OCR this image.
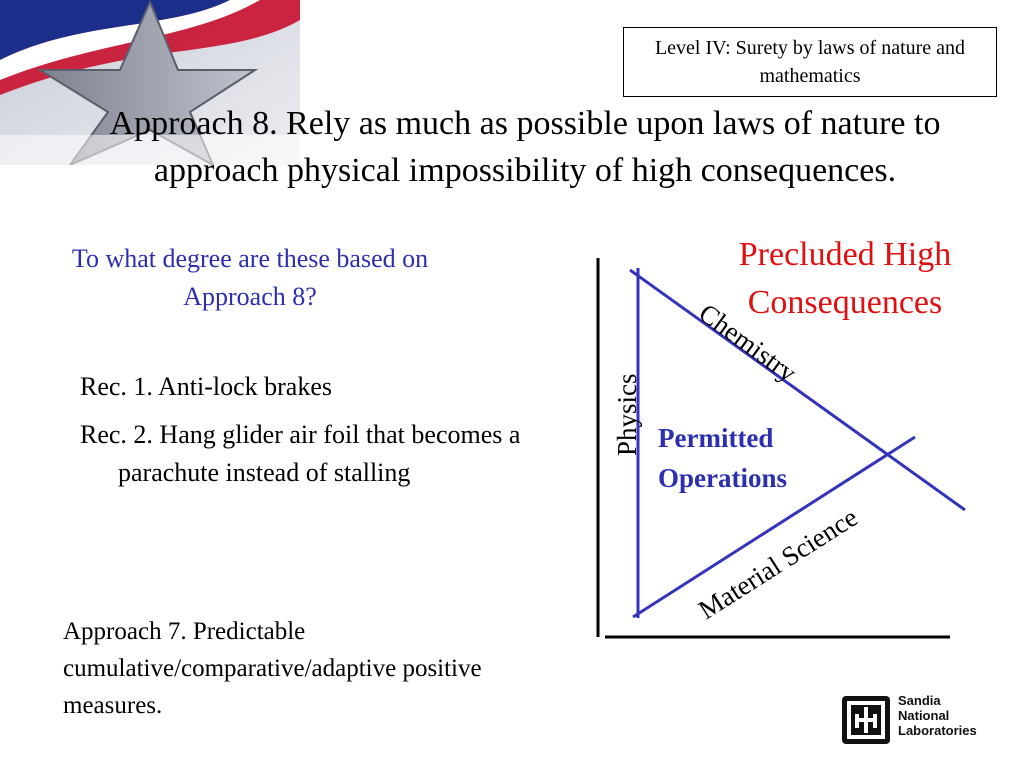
Level IV: Surety by laws of nature and mathematics
Approach 8. Rely as much as possible upon laws of nature to approach physical impossibility of high consequences.
To what degree are these based on Approach 8?
Rec. 1. Anti-lock brakes
Rec. 2. Hang glider air foil that becomes a parachute instead of stalling
Approach 7. Predictable cumulative/comparative/adaptive positive measures.
Precluded High Consequences
Physics
Chemistry
Material Science
Permitted Operations
Sandia
National
Laboratories
